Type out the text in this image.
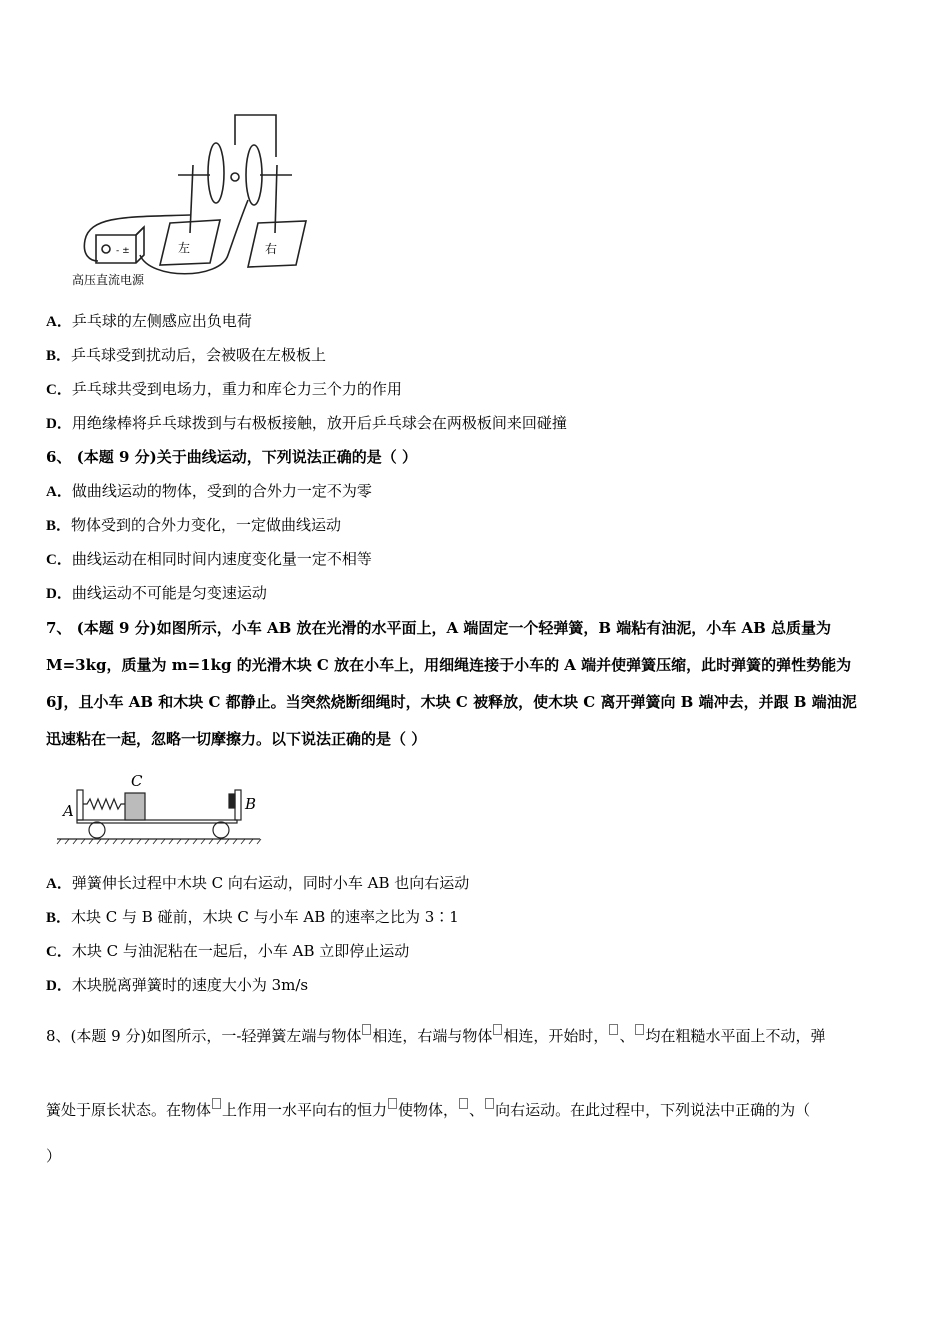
- ±	左	右
高压直流电源
A．乒乓球的左侧感应出负电荷
B．乒乓球受到扰动后，会被吸在左极板上
C．乒乓球共受到电场力，重力和库仑力三个力的作用
D．用绝缘棒将乒乓球拨到与右极板接触，放开后乒乓球会在两极板间来回碰撞
6、 (本题 9 分)关于曲线运动，下列说法正确的是（ ）
A．做曲线运动的物体，受到的合外力一定不为零
B．物体受到的合外力变化，一定做曲线运动
C．曲线运动在相同时间内速度变化量一定不相等
D．曲线运动不可能是匀变速运动
7、 (本题 9 分)如图所示，小车 AB 放在光滑的水平面上，A 端固定一个轻弹簧，B 端粘有油泥，小车 AB 总质量为
M=3kg，质量为 m=1kg 的光滑木块 C 放在小车上，用细绳连接于小车的 A 端并使弹簧压缩，此时弹簧的弹性势能为
6J，且小车 AB 和木块 C 都静止。当突然烧断细绳时，木块 C 被释放，使木块 C 离开弹簧向 B 端冲去，并跟 B 端油泥
迅速粘在一起，忽略一切摩擦力。以下说法正确的是（ ）
A
C
B
A．弹簧伸长过程中木块 C 向右运动，同时小车 AB 也向右运动
B．木块 C 与 B 碰前，木块 C 与小车 AB 的速率之比为 3∶1
C．木块 C 与油泥粘在一起后，小车 AB 立即停止运动
D．木块脱离弹簧时的速度大小为 3m/s
8、(本题 9 分)如图所示，一-轻弹簧左端与物体 相连，右端与物体 相连，开始时， 、 均在粗糙水平面上不动，弹
簧处于原长状态。在物体 上作用一水平向右的恒力 使物体， 、 向右运动。在此过程中，下列说法中正确的为（
）
